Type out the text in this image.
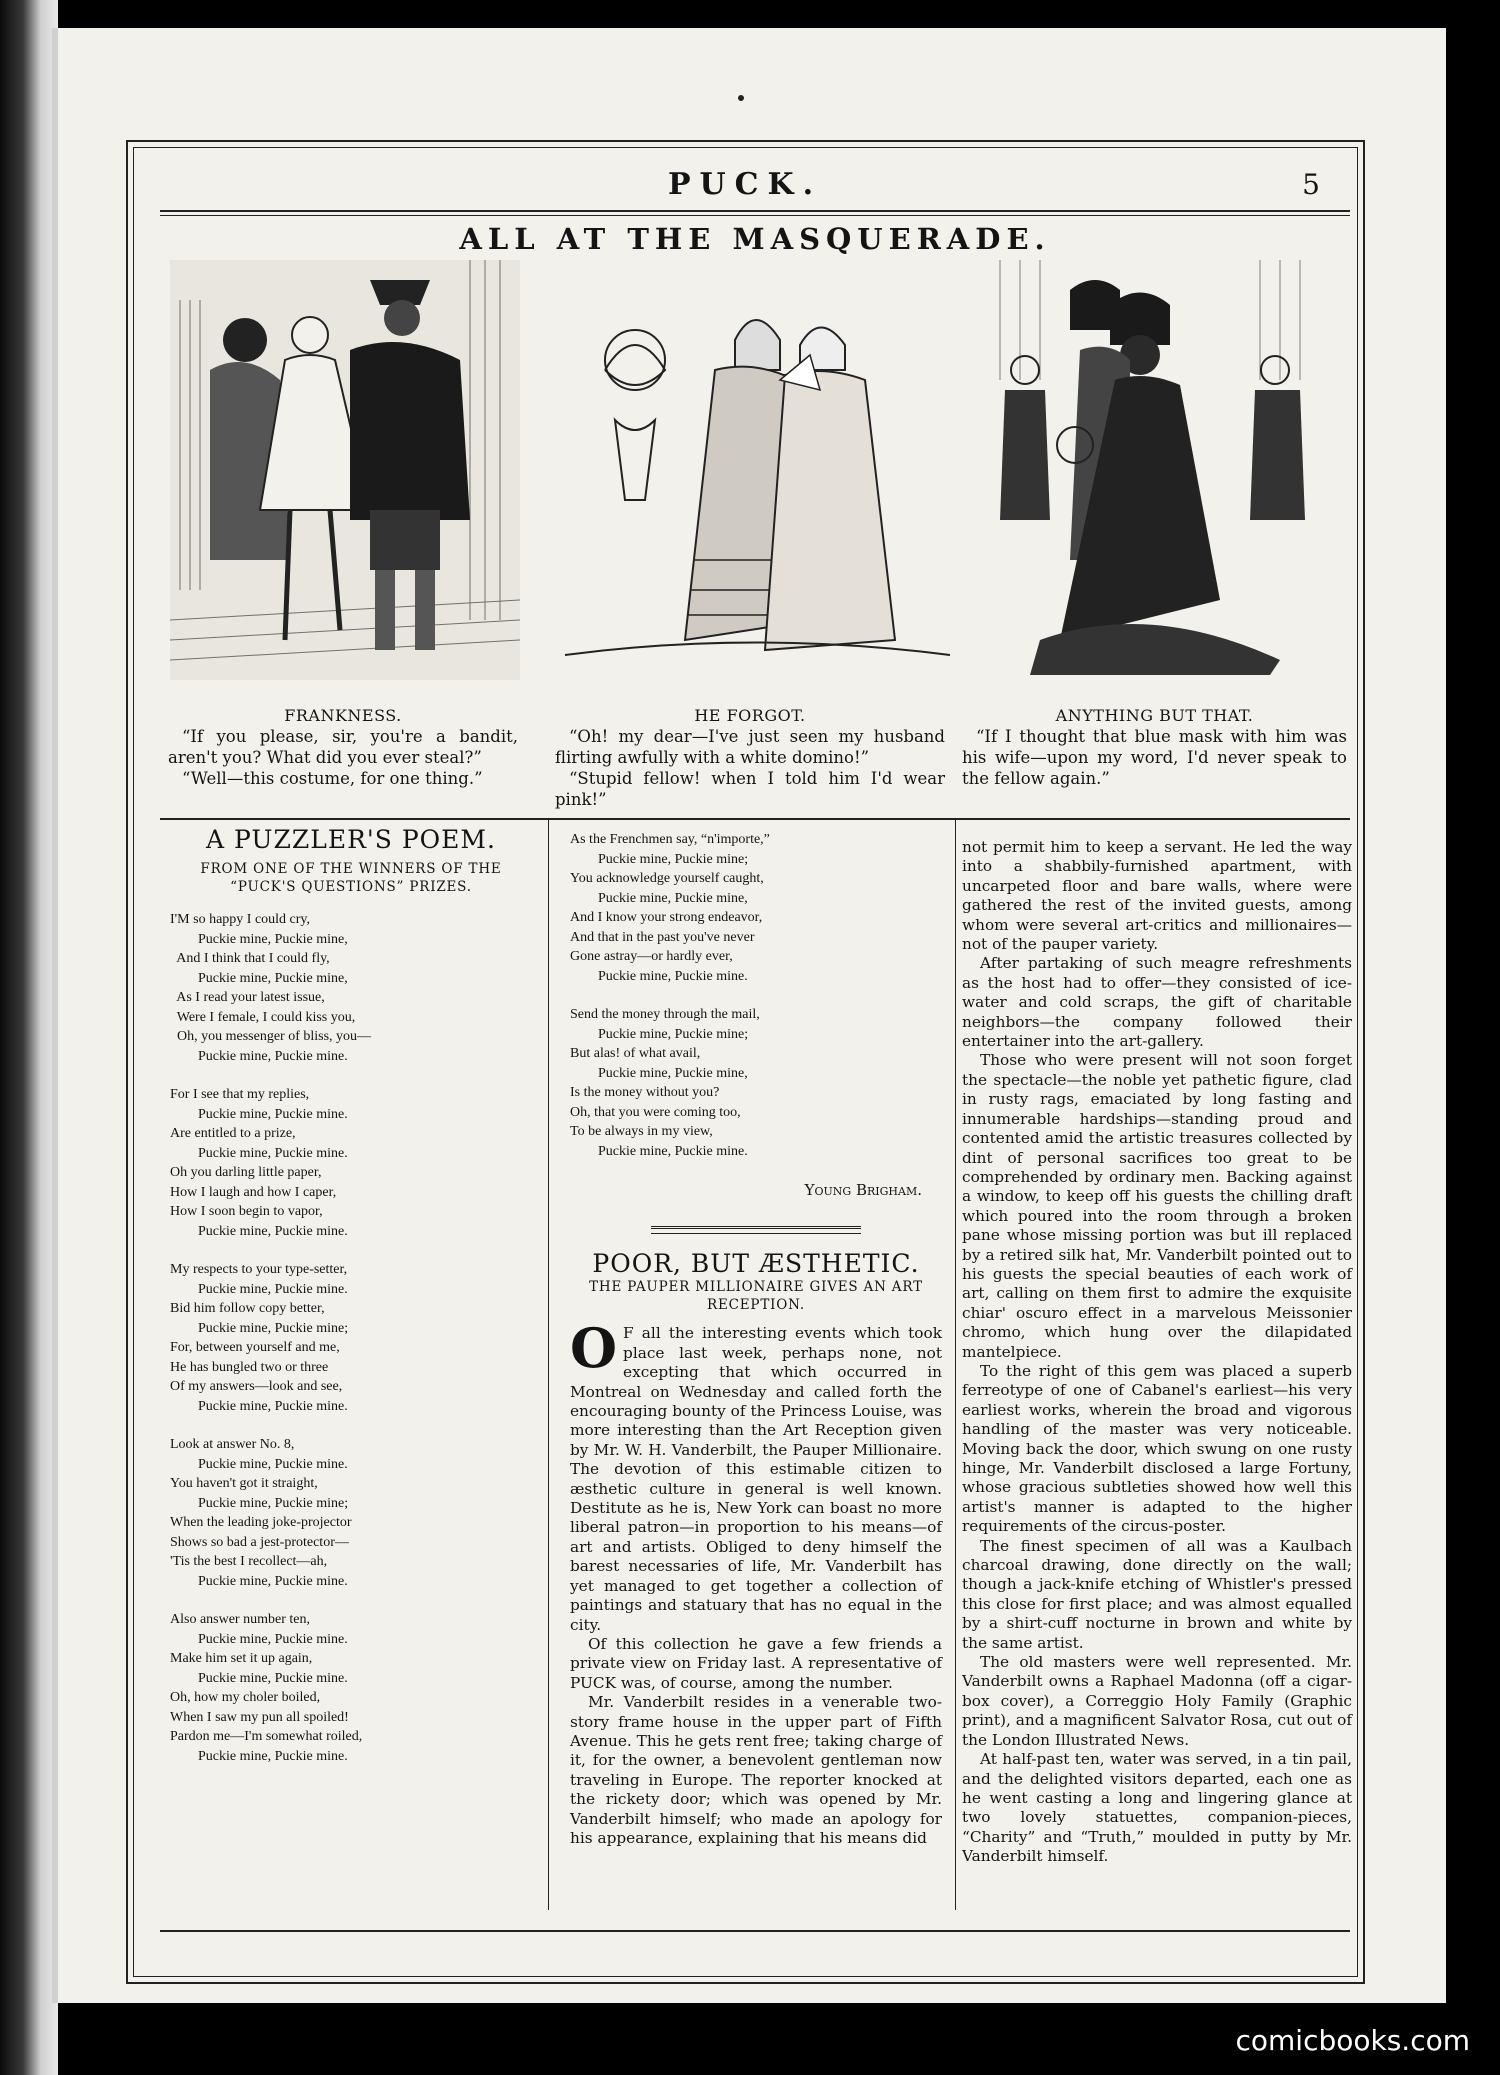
PUCK.	5
ALL AT THE MASQUERADE.
FRANKNESS.
“If you please, sir, you're a bandit, aren't you? What did you ever steal?”
“Well—this costume, for one thing.”
HE FORGOT.
“Oh! my dear—I've just seen my husband flirting awfully with a white domino!”
“Stupid fellow! when I told him I'd wear pink!”
ANYTHING BUT THAT.
“If I thought that blue mask with him was his wife—upon my word, I'd never speak to the fellow again.”
A PUZZLER'S POEM.
FROM ONE OF THE WINNERS OF THE “PUCK'S QUESTIONS” PRIZES.
I'M so happy I could cry,
Puckie mine, Puckie mine,
And I think that I could fly,
Puckie mine, Puckie mine,
As I read your latest issue,
Were I female, I could kiss you,
Oh, you messenger of bliss, you—
Puckie mine, Puckie mine.
For I see that my replies,
Puckie mine, Puckie mine.
Are entitled to a prize,
Puckie mine, Puckie mine.
Oh you darling little paper,
How I laugh and how I caper,
How I soon begin to vapor,
Puckie mine, Puckie mine.
My respects to your type-setter,
Puckie mine, Puckie mine.
Bid him follow copy better,
Puckie mine, Puckie mine;
For, between yourself and me,
He has bungled two or three
Of my answers—look and see,
Puckie mine, Puckie mine.
Look at answer No. 8,
Puckie mine, Puckie mine.
You haven't got it straight,
Puckie mine, Puckie mine;
When the leading joke-projector
Shows so bad a jest-protector—
'Tis the best I recollect—ah,
Puckie mine, Puckie mine.
Also answer number ten,
Puckie mine, Puckie mine.
Make him set it up again,
Puckie mine, Puckie mine.
Oh, how my choler boiled,
When I saw my pun all spoiled!
Pardon me—I'm somewhat roiled,
Puckie mine, Puckie mine.
As the Frenchmen say, “n'importe,”
Puckie mine, Puckie mine;
You acknowledge yourself caught,
Puckie mine, Puckie mine,
And I know your strong endeavor,
And that in the past you've never
Gone astray—or hardly ever,
Puckie mine, Puckie mine.
Send the money through the mail,
Puckie mine, Puckie mine;
But alas! of what avail,
Puckie mine, Puckie mine,
Is the money without you?
Oh, that you were coming too,
To be always in my view,
Puckie mine, Puckie mine.
Young Brigham.
POOR, BUT ÆSTHETIC.
THE PAUPER MILLIONAIRE GIVES AN ART RECEPTION.
O F all the interesting events which took place last week, perhaps none, not excepting that which occurred in Montreal on Wednesday and called forth the encouraging bounty of the Princess Louise, was more interesting than the Art Reception given by Mr. W. H. Vanderbilt, the Pauper Millionaire. The devotion of this estimable citizen to æsthetic culture in general is well known. Destitute as he is, New York can boast no more liberal patron—in proportion to his means—of art and artists. Obliged to deny himself the barest necessaries of life, Mr. Vanderbilt has yet managed to get together a collection of paintings and statuary that has no equal in the city.

Of this collection he gave a few friends a private view on Friday last. A representative of PUCK was, of course, among the number.

Mr. Vanderbilt resides in a venerable two-story frame house in the upper part of Fifth Avenue. This he gets rent free; taking charge of it, for the owner, a benevolent gentleman now traveling in Europe. The reporter knocked at the rickety door; which was opened by Mr. Vanderbilt himself; who made an apology for his appearance, explaining that his means did

not permit him to keep a servant. He led the way into a shabbily-furnished apartment, with uncarpeted floor and bare walls, where were gathered the rest of the invited guests, among whom were several art-critics and millionaires—not of the pauper variety.

After partaking of such meagre refreshments as the host had to offer—they consisted of ice-water and cold scraps, the gift of charitable neighbors—the company followed their entertainer into the art-gallery.

Those who were present will not soon forget the spectacle—the noble yet pathetic figure, clad in rusty rags, emaciated by long fasting and innumerable hardships—standing proud and contented amid the artistic treasures collected by dint of personal sacrifices too great to be comprehended by ordinary men. Backing against a window, to keep off his guests the chilling draft which poured into the room through a broken pane whose missing portion was but ill replaced by a retired silk hat, Mr. Vanderbilt pointed out to his guests the special beauties of each work of art, calling on them first to admire the exquisite chiar' oscuro effect in a marvelous Meissonier chromo, which hung over the dilapidated mantelpiece.

To the right of this gem was placed a superb ferreotype of one of Cabanel's earliest—his very earliest works, wherein the broad and vigorous handling of the master was very noticeable. Moving back the door, which swung on one rusty hinge, Mr. Vanderbilt disclosed a large Fortuny, whose gracious subtleties showed how well this artist's manner is adapted to the higher requirements of the circus-poster.

The finest specimen of all was a Kaulbach charcoal drawing, done directly on the wall; though a jack-knife etching of Whistler's pressed this close for first place; and was almost equalled by a shirt-cuff nocturne in brown and white by the same artist.

The old masters were well represented. Mr. Vanderbilt owns a Raphael Madonna (off a cigar-box cover), a Correggio Holy Family (Graphic print), and a magnificent Salvator Rosa, cut out of the London Illustrated News.

At half-past ten, water was served, in a tin pail, and the delighted visitors departed, each one as he went casting a long and lingering glance at two lovely statuettes, companion-pieces, “Charity” and “Truth,” moulded in putty by Mr. Vanderbilt himself.

comicbooks.com
